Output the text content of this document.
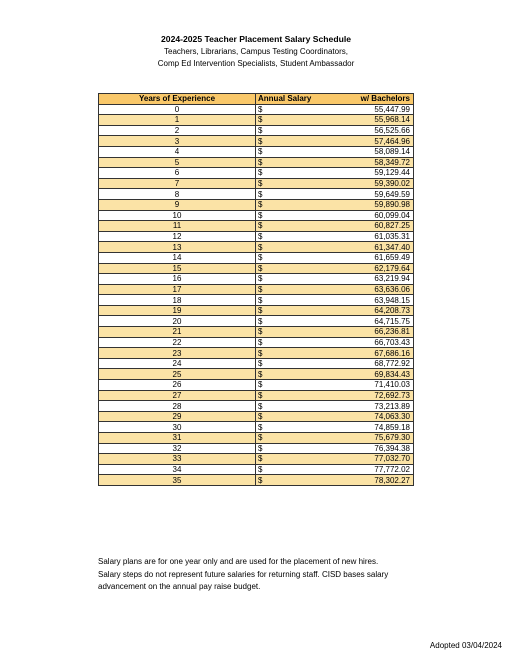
2024-2025 Teacher Placement Salary Schedule
Teachers, Librarians, Campus Testing Coordinators,
Comp Ed Intervention Specialists, Student Ambassador
Years of Experience	Annual Salary w/ Bachelors	

0	$	55,447.99
1	$	55,968.14
2	$	56,525.66
3	$	57,464.96
4	$	58,089.14
5	$	58,349.72
6	$	59,129.44
7	$	59,390.02
8	$	59,649.59
9	$	59,890.98
10	$	60,099.04
11	$	60,827.25
12	$	61,035.31
13	$	61,347.40
14	$	61,659.49
15	$	62,179.64
16	$	63,219.94
17	$	63,636.06
18	$	63,948.15
19	$	64,208.73
20	$	64,715.75
21	$	66,236.81
22	$	66,703.43
23	$	67,686.16
24	$	68,772.92
25	$	69,834.43
26	$	71,410.03
27	$	72,692.73
28	$	73,213.89
29	$	74,063.30
30	$	74,859.18
31	$	75,679.30
32	$	76,394.38
33	$	77,032.70
34	$	77,772.02
35	$	78,302.27
Salary plans are for one year only and are used for the placement of new hires.
Salary steps do not represent future salaries for returning staff. CISD bases salary
advancement on the annual pay raise budget.
Adopted 03/04/2024
